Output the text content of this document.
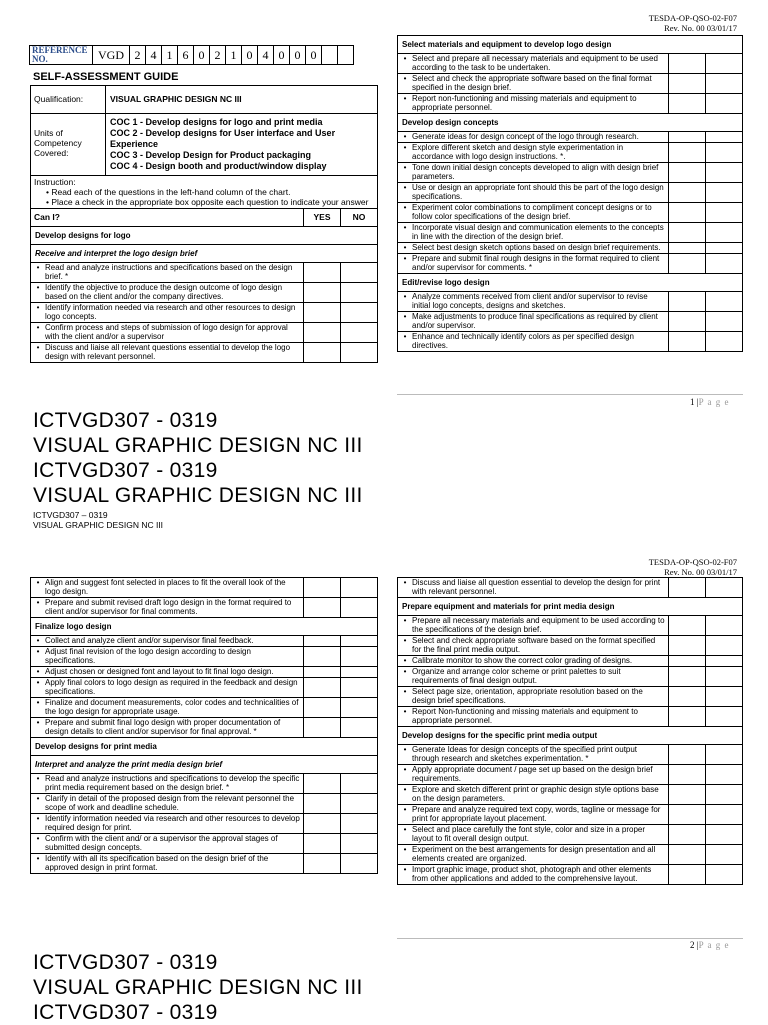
TESDA-OP-QSO-02-F07
Rev. No. 00 03/01/17
REFERENCE NO.	VGD	2	4	1	6	0	2	1	0	4	0	0	0		
SELF-ASSESSMENT GUIDE
Qualification:	VISUAL GRAPHIC DESIGN NC III		
Units of Competency Covered:	COC 1 - Develop designs for logo and print media
COC 2 - Develop designs for User interface and User Experience
COC 3 - Develop Design for Product packaging
COC 4 - Design booth and product/window display		

Instruction:
• Read each of the questions in the left-hand column of the chart.
• Place a check in the appropriate box opposite each question to indicate your answer			

Can I?		YES	NO
Develop designs for logo			
Receive and interpret the logo design brief			

• Read and analyze instructions and specifications based on the design brief. *			

• Identify the objective to produce the design outcome of logo design based on the client and/or the company directives.			

• Identify information needed via research and other resources to design logo concepts.			

• Confirm process and steps of submission of logo design for approval with the client and/or a supervisor			

• Discuss and liaise all relevant questions essential to develop the logo design with relevant personnel.			

Select materials and equipment to develop logo design		

• Select and prepare all necessary materials and equipment to be used according to the task to be undertaken.		

• Select and check the appropriate software based on the final format specified in the design brief.		

• Report non-functioning and missing materials and equipment to appropriate personnel.		

Develop design concepts		

• Generate ideas for design concept of the logo through research.		

• Explore different sketch and design style experimentation in accordance with logo design instructions. *.		

• Tone down initial design concepts developed to align with design brief parameters.		

• Use or design an appropriate font should this be part of the logo design specifications.		

• Experiment color combinations to compliment concept designs or to follow color specifications of the design brief.		

• Incorporate visual design and communication elements to the concepts in line with the direction of the design brief.		

• Select best design sketch options based on design brief requirements.		

• Prepare and submit final rough designs in the format required to client and/or supervisor for comments. *		

Edit/revise logo design		

• Analyze comments received from client and/or supervisor to revise initial logo concepts, designs and sketches.		

• Make adjustments to produce final specifications as required by client and/or supervisor.		

• Enhance and technically identify colors as per specified design directives.		

1 |P a g e
ICTVGD307 - 0319
VISUAL GRAPHIC DESIGN NC III
ICTVGD307 - 0319
VISUAL GRAPHIC DESIGN NC III
ICTVGD307 – 0319
VISUAL GRAPHIC DESIGN NC III
TESDA-OP-QSO-02-F07
Rev. No. 00 03/01/17
• Align and suggest font selected in places to fit the overall look of the logo design.		

• Prepare and submit revised draft logo design in the format required to client and/or supervisor for final comments.		

Finalize logo design		

• Collect and analyze client and/or supervisor final feedback.		

• Adjust final revision of the logo design according to design specifications.		

• Adjust chosen or designed font and layout to fit final logo design.		

• Apply final colors to logo design as required in the feedback and design specifications.		

• Finalize and document measurements, color codes and technicalities of the logo design for appropriate usage.		

• Prepare and submit final logo design with proper documentation of design details to client and/or supervisor for final approval. *		

Develop designs for print media		
Interpret and analyze the print media design brief		

• Read and analyze instructions and specifications to develop the specific print media requirement based on the design brief. *		

• Clarify in detail of the proposed design from the relevant personnel the scope of work and deadline schedule.		

• Identify information needed via research and other resources to develop required design for print.		

• Confirm with the client and/ or a supervisor the approval stages of submitted design concepts.		

• Identify with all its specification based on the design brief of the approved design in print format.		

• Discuss and liaise all question essential to develop the design for print with relevant personnel.		

Prepare equipment and materials for print media design		

• Prepare all necessary materials and equipment to be used according to the specifications of the design brief.		

• Select and check appropriate software based on the format specified for the final print media output.		

• Calibrate monitor to show the correct color grading of designs.		

• Organize and arrange color scheme or print palettes to suit requirements of final design output.		

• Select page size, orientation, appropriate resolution based on the design brief specifications.		

• Report Non-functioning and missing materials and equipment to appropriate personnel.		

Develop designs for the specific print media output		

• Generate Ideas for design concepts of the specified print output through research and sketches experimentation. *		

• Apply appropriate document / page set up based on the design brief requirements.		

• Explore and sketch different print or graphic design style options base on the design parameters.		

• Prepare and analyze required text copy, words, tagline or message for print for appropriate layout placement.		

• Select and place carefully the font style, color and size in a proper layout to fit overall design output.		

• Experiment on the best arrangements for design presentation and all elements created are organized.		

• Import graphic image, product shot, photograph and other elements from other applications and added to the comprehensive layout.		

2 |P a g e
ICTVGD307 - 0319
VISUAL GRAPHIC DESIGN NC III
ICTVGD307 - 0319
